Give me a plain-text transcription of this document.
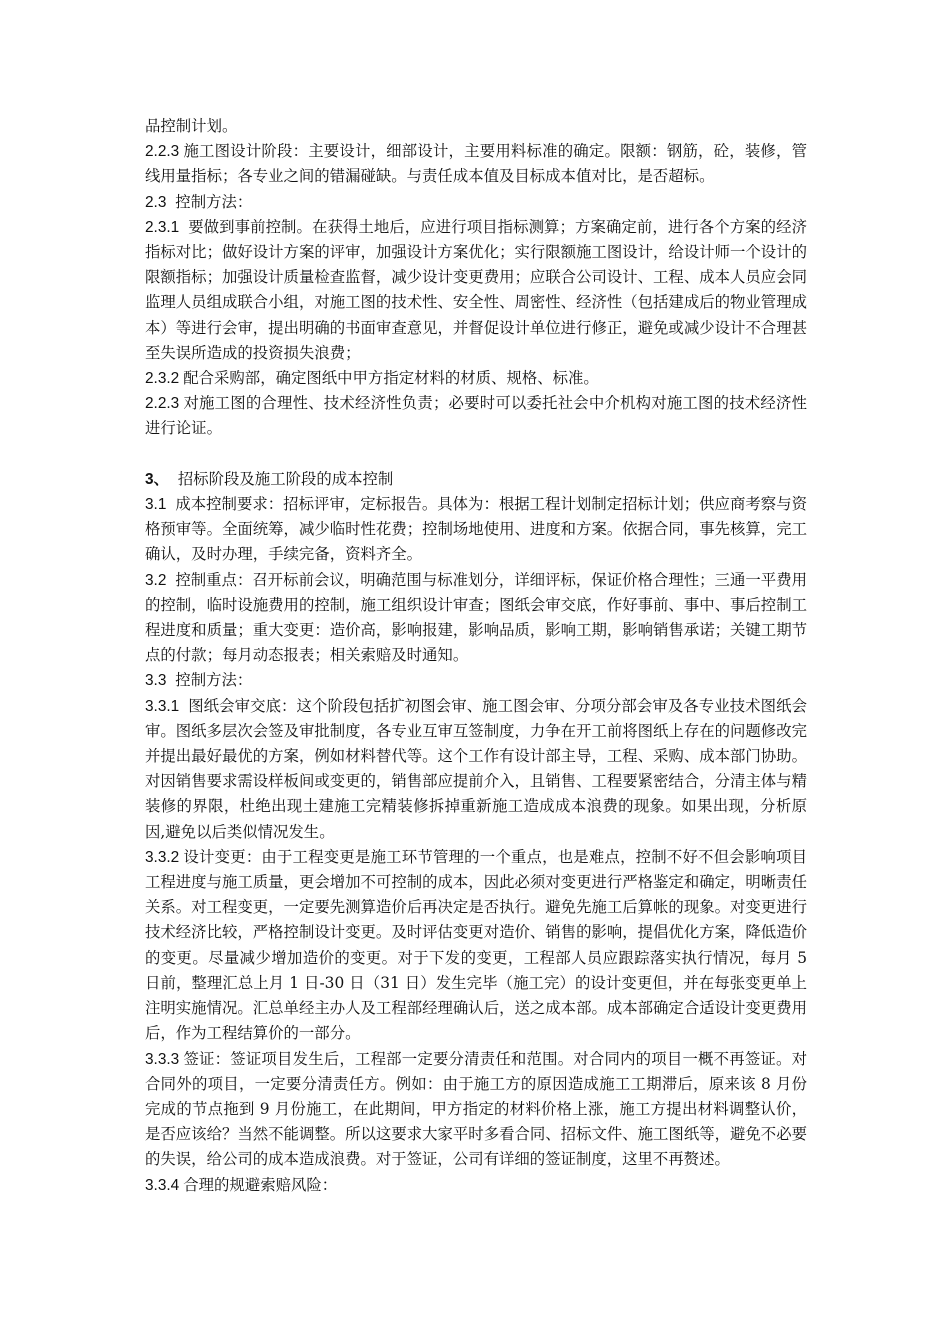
品控制计划。

2.2.3 施工图设计阶段：主要设计，细部设计，主要用料标准的确定。限额：钢筋，砼，装修，管线用量指标；各专业之间的错漏碰缺。与责任成本值及目标成本值对比，是否超标。

2.3 控制方法：

2.3.1 要做到事前控制。在获得土地后，应进行项目指标测算；方案确定前，进行各个方案的经济指标对比；做好设计方案的评审，加强设计方案优化；实行限额施工图设计，给设计师一个设计的限额指标；加强设计质量检查监督，减少设计变更费用；应联合公司设计、工程、成本人员应会同监理人员组成联合小组，对施工图的技术性、安全性、周密性、经济性（包括建成后的物业管理成本）等进行会审，提出明确的书面审查意见，并督促设计单位进行修正，避免或减少设计不合理甚至失误所造成的投资损失浪费；

2.3.2 配合采购部，确定图纸中甲方指定材料的材质、规格、标准。

2.2.3 对施工图的合理性、技术经济性负责；必要时可以委托社会中介机构对施工图的技术经济性进行论证。

3、 招标阶段及施工阶段的成本控制

3.1 成本控制要求：招标评审，定标报告。具体为：根据工程计划制定招标计划；供应商考察与资格预审等。全面统筹，减少临时性花费；控制场地使用、进度和方案。依据合同，事先核算，完工确认，及时办理，手续完备，资料齐全。

3.2 控制重点：召开标前会议，明确范围与标准划分，详细评标，保证价格合理性；三通一平费用的控制，临时设施费用的控制，施工组织设计审查；图纸会审交底，作好事前、事中、事后控制工程进度和质量；重大变更：造价高，影响报建，影响品质，影响工期，影响销售承诺；关键工期节点的付款；每月动态报表；相关索赔及时通知。

3.3 控制方法：

3.3.1 图纸会审交底：这个阶段包括扩初图会审、施工图会审、分项分部会审及各专业技术图纸会审。图纸多层次会签及审批制度，各专业互审互签制度，力争在开工前将图纸上存在的问题修改完并提出最好最优的方案，例如材料替代等。这个工作有设计部主导，工程、采购、成本部门协助。对因销售要求需设样板间或变更的，销售部应提前介入，且销售、工程要紧密结合，分清主体与精装修的界限，杜绝出现土建施工完精装修拆掉重新施工造成成本浪费的现象。如果出现，分析原因,避免以后类似情况发生。

3.3.2 设计变更：由于工程变更是施工环节管理的一个重点，也是难点，控制不好不但会影响项目工程进度与施工质量，更会增加不可控制的成本，因此必须对变更进行严格鉴定和确定，明晰责任关系。对工程变更，一定要先测算造价后再决定是否执行。避免先施工后算帐的现象。对变更进行技术经济比较，严格控制设计变更。及时评估变更对造价、销售的影响，提倡优化方案，降低造价的变更。尽量减少增加造价的变更。对于下发的变更，工程部人员应跟踪落实执行情况，每月 5 日前，整理汇总上月 1 日-30 日（31 日）发生完毕（施工完）的设计变更但，并在每张变更单上注明实施情况。汇总单经主办人及工程部经理确认后，送之成本部。成本部确定合适设计变更费用后，作为工程结算价的一部分。

3.3.3 签证：签证项目发生后，工程部一定要分清责任和范围。对合同内的项目一概不再签证。对合同外的项目，一定要分清责任方。例如：由于施工方的原因造成施工工期滞后，原来该 8 月份完成的节点拖到 9 月份施工，在此期间，甲方指定的材料价格上涨，施工方提出材料调整认价，是否应该给？当然不能调整。所以这要求大家平时多看合同、招标文件、施工图纸等，避免不必要的失误，给公司的成本造成浪费。对于签证，公司有详细的签证制度，这里不再赘述。

3.3.4 合理的规避索赔风险：
